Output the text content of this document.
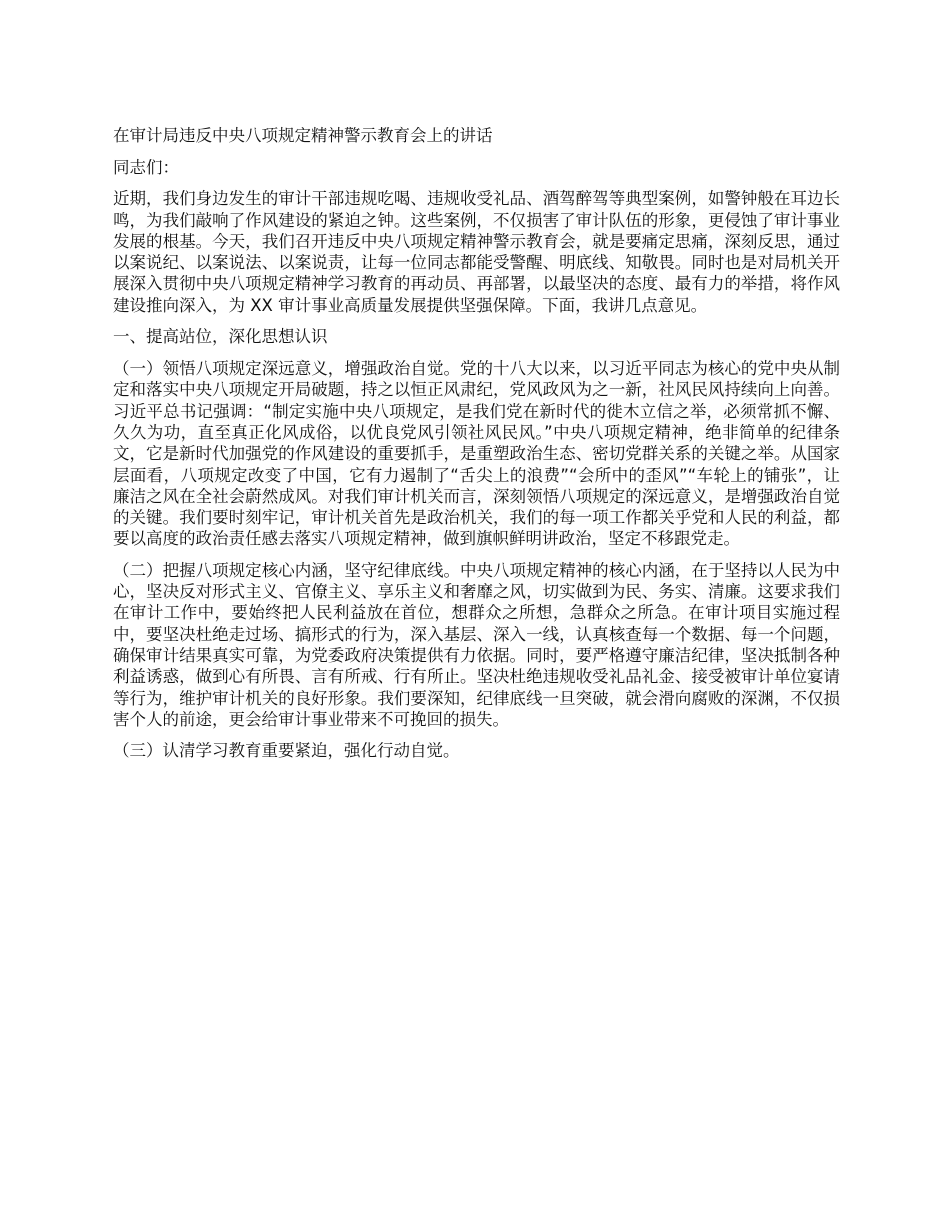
在审计局违反中央八项规定精神警示教育会上的讲话

同志们：

近期，我们身边发生的审计干部违规吃喝、违规收受礼品、酒驾醉驾等典型案例，如警钟般在耳边长鸣，为我们敲响了作风建设的紧迫之钟。这些案例，不仅损害了审计队伍的形象，更侵蚀了审计事业发展的根基。今天，我们召开违反中央八项规定精神警示教育会，就是要痛定思痛，深刻反思，通过以案说纪、以案说法、以案说责，让每一位同志都能受警醒、明底线、知敬畏。同时也是对局机关开展深入贯彻中央八项规定精神学习教育的再动员、再部署，以最坚决的态度、最有力的举措，将作风建设推向深入，为 XX 审计事业高质量发展提供坚强保障。下面，我讲几点意见。

一、提高站位，深化思想认识

（一）领悟八项规定深远意义，增强政治自觉。党的十八大以来，以习近平同志为核心的党中央从制定和落实中央八项规定开局破题，持之以恒正风肃纪，党风政风为之一新，社风民风持续向上向善。习近平总书记强调：“制定实施中央八项规定，是我们党在新时代的徙木立信之举，必须常抓不懈、久久为功，直至真正化风成俗，以优良党风引领社风民风。”中央八项规定精神，绝非简单的纪律条文，它是新时代加强党的作风建设的重要抓手，是重塑政治生态、密切党群关系的关键之举。从国家层面看，八项规定改变了中国，它有力遏制了“舌尖上的浪费”“会所中的歪风”“车轮上的铺张”，让廉洁之风在全社会蔚然成风。对我们审计机关而言，深刻领悟八项规定的深远意义，是增强政治自觉的关键。我们要时刻牢记，审计机关首先是政治机关，我们的每一项工作都关乎党和人民的利益，都要以高度的政治责任感去落实八项规定精神，做到旗帜鲜明讲政治，坚定不移跟党走。

（二）把握八项规定核心内涵，坚守纪律底线。中央八项规定精神的核心内涵，在于坚持以人民为中心，坚决反对形式主义、官僚主义、享乐主义和奢靡之风，切实做到为民、务实、清廉。这要求我们在审计工作中，要始终把人民利益放在首位，想群众之所想，急群众之所急。在审计项目实施过程中，要坚决杜绝走过场、搞形式的行为，深入基层、深入一线，认真核查每一个数据、每一个问题，确保审计结果真实可靠，为党委政府决策提供有力依据。同时，要严格遵守廉洁纪律，坚决抵制各种利益诱惑，做到心有所畏、言有所戒、行有所止。坚决杜绝违规收受礼品礼金、接受被审计单位宴请等行为，维护审计机关的良好形象。我们要深知，纪律底线一旦突破，就会滑向腐败的深渊，不仅损害个人的前途，更会给审计事业带来不可挽回的损失。

（三）认清学习教育重要紧迫，强化行动自觉。
